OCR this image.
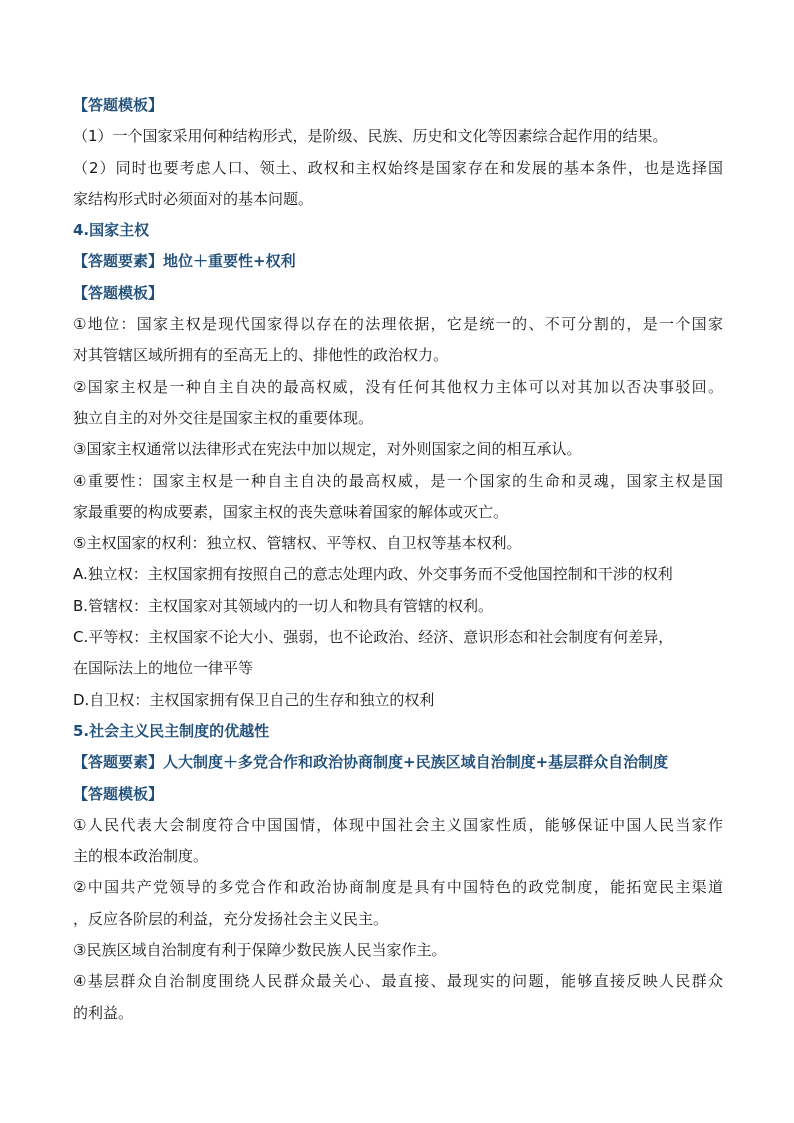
【答题模板】
（1）一个国家采用何种结构形式，是阶级、民族、历史和文化等因素综合起作用的结果。
（2）同时也要考虑人口、领土、政权和主权始终是国家存在和发展的基本条件，也是选择国
家结构形式时必须面对的基本问题。
4.国家主权
【答题要素】地位＋重要性+权利
【答题模板】
①地位：国家主权是现代国家得以存在的法理依据，它是统一的、不可分割的，是一个国家
对其管辖区域所拥有的至高无上的、排他性的政治权力。
②国家主权是一种自主自决的最高权威，没有任何其他权力主体可以对其加以否决事驳回。
独立自主的对外交往是国家主权的重要体现。
③国家主权通常以法律形式在宪法中加以规定，对外则国家之间的相互承认。
④重要性：国家主权是一种自主自决的最高权威，是一个国家的生命和灵魂，国家主权是国
家最重要的构成要素，国家主权的丧失意味着国家的解体或灭亡。
⑤主权国家的权利：独立权、管辖权、平等权、自卫权等基本权利。
A.独立权：主权国家拥有按照自己的意志处理内政、外交事务而不受他国控制和干涉的权利
B.管辖权：主权国家对其领域内的一切人和物具有管辖的权利。
C.平等权：主权国家不论大小、强弱，也不论政治、经济、意识形态和社会制度有何差异，
在国际法上的地位一律平等
D.自卫权：主权国家拥有保卫自己的生存和独立的权利
5.社会主义民主制度的优越性
【答题要素】人大制度＋多党合作和政治协商制度+民族区域自治制度+基层群众自治制度
【答题模板】
①人民代表大会制度符合中国国情，体现中国社会主义国家性质，能够保证中国人民当家作
主的根本政治制度。
②中国共产党领导的多党合作和政治协商制度是具有中国特色的政党制度，能拓宽民主渠道
，反应各阶层的利益，充分发扬社会主义民主。
③民族区域自治制度有利于保障少数民族人民当家作主。
④基层群众自治制度围绕人民群众最关心、最直接、最现实的问题，能够直接反映人民群众
的利益。
